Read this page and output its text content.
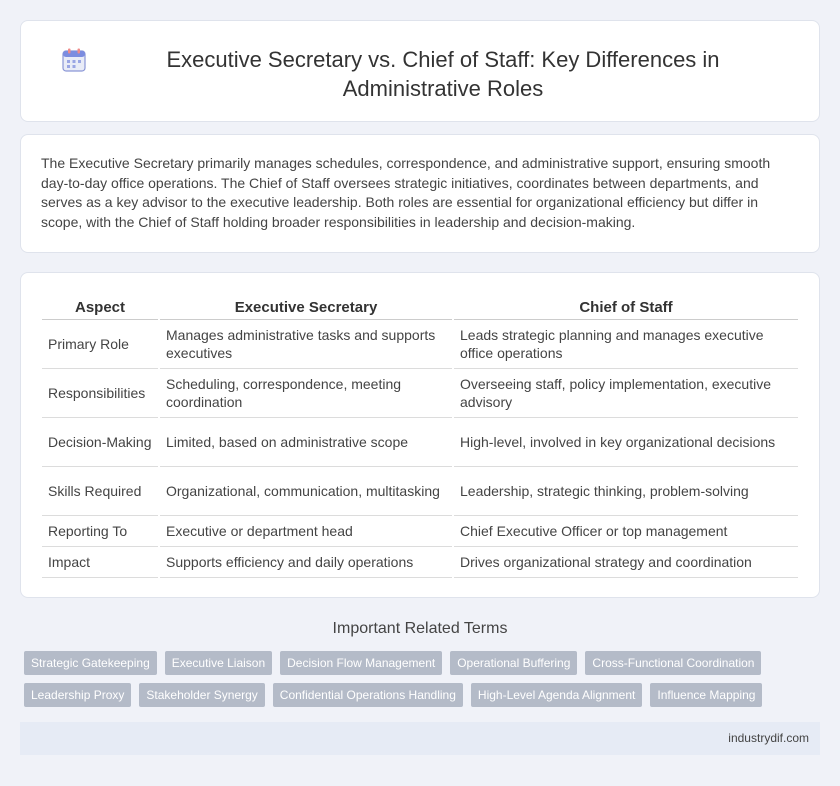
Executive Secretary vs. Chief of Staff: Key Differences in Administrative Roles

The Executive Secretary primarily manages schedules, correspondence, and administrative support, ensuring smooth day-to-day office operations. The Chief of Staff oversees strategic initiatives, coordinates between departments, and serves as a key advisor to the executive leadership. Both roles are essential for organizational efficiency but differ in scope, with the Chief of Staff holding broader responsibilities in leadership and decision-making.

Aspect	Executive Secretary	Chief of Staff
Primary Role	Manages administrative tasks and supports executives	Leads strategic planning and manages executive office operations
Responsibilities	Scheduling, correspondence, meeting coordination	Overseeing staff, policy implementation, executive advisory
Decision-Making	Limited, based on administrative scope	High-level, involved in key organizational decisions
Skills Required	Organizational, communication, multitasking	Leadership, strategic thinking, problem-solving
Reporting To	Executive or department head	Chief Executive Officer or top management
Impact	Supports efficiency and daily operations	Drives organizational strategy and coordination
Important Related Terms
Strategic Gatekeeping	Executive Liaison	Decision Flow Management	Operational Buffering	Cross-Functional Coordination
Leadership Proxy	Stakeholder Synergy	Confidential Operations Handling	High-Level Agenda Alignment	Influence Mapping
industrydif.com
